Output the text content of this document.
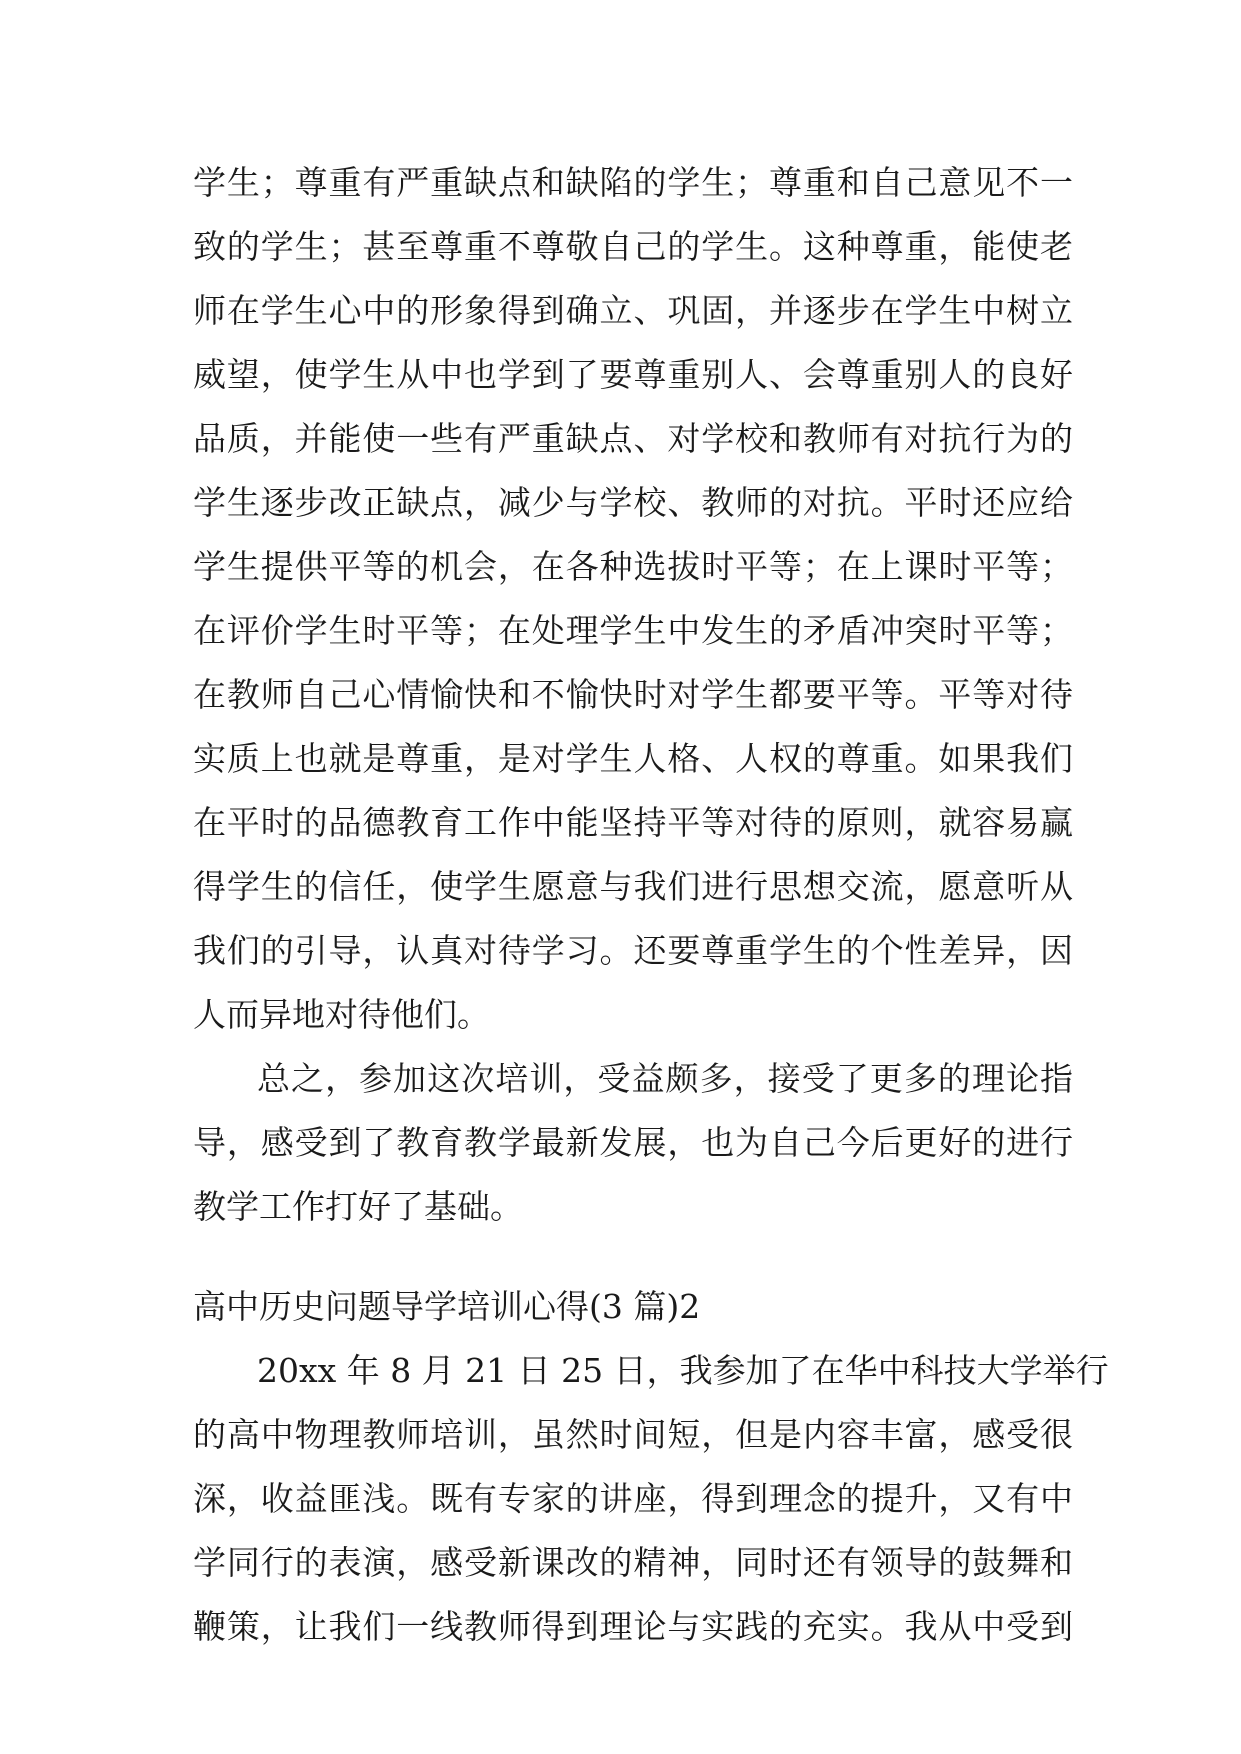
学生；尊重有严重缺点和缺陷的学生；尊重和自己意见不一
致的学生；甚至尊重不尊敬自己的学生。这种尊重，能使老
师在学生心中的形象得到确立、巩固，并逐步在学生中树立
威望，使学生从中也学到了要尊重别人、会尊重别人的良好
品质，并能使一些有严重缺点、对学校和教师有对抗行为的
学生逐步改正缺点，减少与学校、教师的对抗。平时还应给
学生提供平等的机会，在各种选拔时平等；在上课时平等；
在评价学生时平等；在处理学生中发生的矛盾冲突时平等；
在教师自己心情愉快和不愉快时对学生都要平等。平等对待
实质上也就是尊重，是对学生人格、人权的尊重。如果我们
在平时的品德教育工作中能坚持平等对待的原则，就容易赢
得学生的信任，使学生愿意与我们进行思想交流，愿意听从
我们的引导，认真对待学习。还要尊重学生的个性差异，因
人而异地对待他们。
总之，参加这次培训，受益颇多，接受了更多的理论指
导，感受到了教育教学最新发展，也为自己今后更好的进行
教学工作打好了基础。
高中历史问题导学培训心得(3 篇)2
20xx 年 8 月 21 日 25 日，我参加了在华中科技大学举行
的高中物理教师培训，虽然时间短，但是内容丰富，感受很
深，收益匪浅。既有专家的讲座，得到理念的提升，又有中
学同行的表演，感受新课改的精神，同时还有领导的鼓舞和
鞭策，让我们一线教师得到理论与实践的充实。我从中受到
